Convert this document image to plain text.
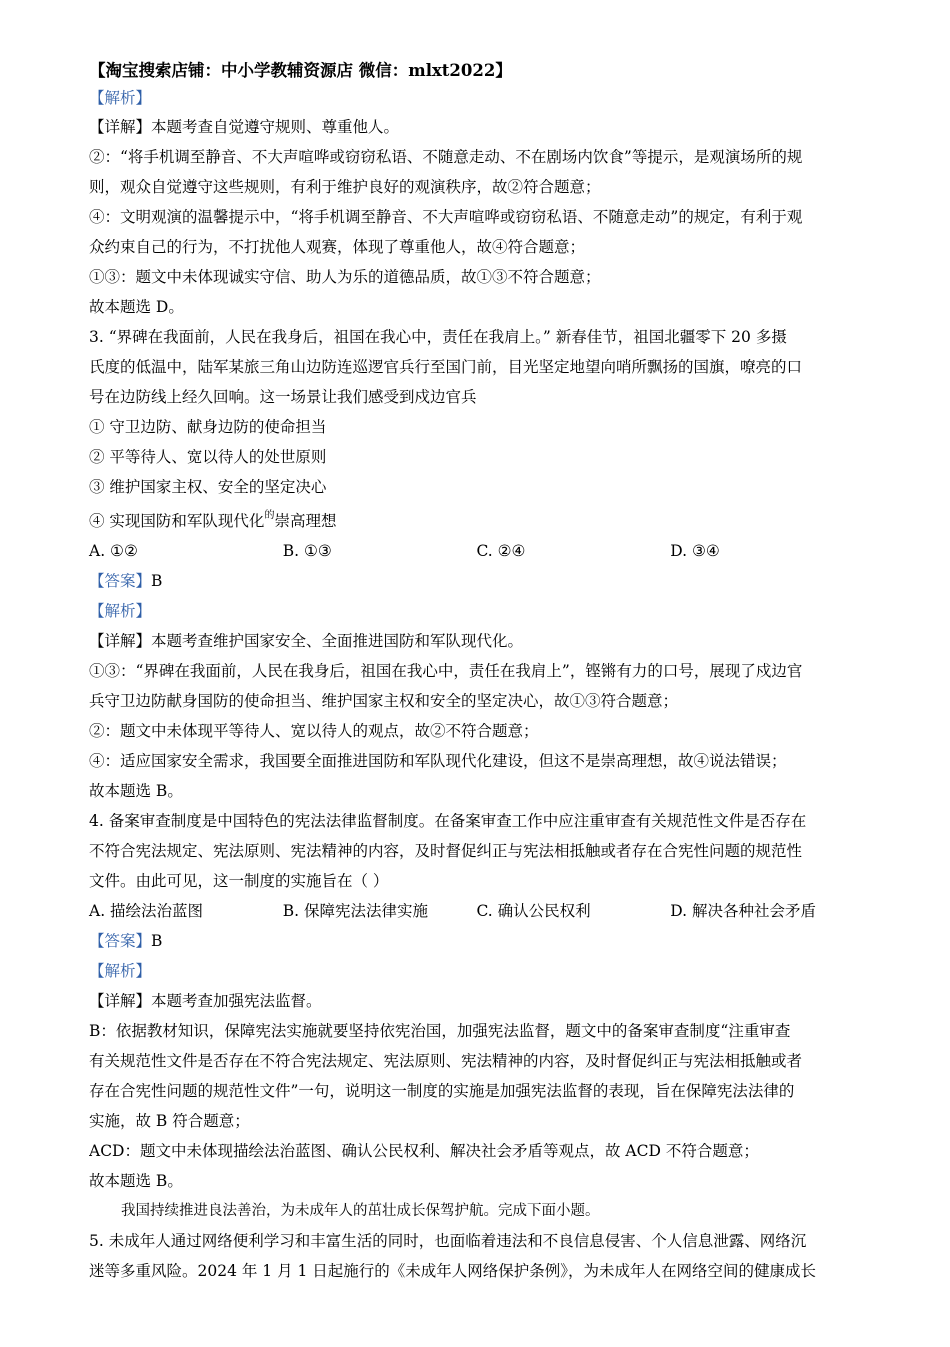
【淘宝搜索店铺：中小学教辅资源店 微信：mlxt2022】
【解析】
【详解】本题考查自觉遵守规则、尊重他人。
②：“将手机调至静音、不大声喧哗或窃窃私语、不随意走动、不在剧场内饮食”等提示，是观演场所的规
则，观众自觉遵守这些规则，有利于维护良好的观演秩序，故②符合题意；
④：文明观演的温馨提示中，“将手机调至静音、不大声喧哗或窃窃私语、不随意走动”的规定，有利于观
众约束自己的行为，不打扰他人观赛，体现了尊重他人，故④符合题意；
①③：题文中未体现诚实守信、助人为乐的道德品质，故①③不符合题意；
故本题选 D。
3. “界碑在我面前，人民在我身后，祖国在我心中，责任在我肩上。” 新春佳节，祖国北疆零下 20 多摄
氏度的低温中，陆军某旅三角山边防连巡逻官兵行至国门前，目光坚定地望向哨所飘扬的国旗，嘹亮的口
号在边防线上经久回响。这一场景让我们感受到戍边官兵
① 守卫边防、献身边防的使命担当
② 平等待人、宽以待人的处世原则
③ 维护国家主权、安全的坚定决心
④ 实现国防和军队现代化$^的$崇高理想
A. ①②	B. ①③	C. ②④	D. ③④
【答案】B
【解析】
【详解】本题考查维护国家安全、全面推进国防和军队现代化。
①③：“界碑在我面前，人民在我身后，祖国在我心中，责任在我肩上”，铿锵有力的口号，展现了戍边官
兵守卫边防献身国防的使命担当、维护国家主权和安全的坚定决心，故①③符合题意；
②：题文中未体现平等待人、宽以待人的观点，故②不符合题意；
④：适应国家安全需求，我国要全面推进国防和军队现代化建设，但这不是崇高理想，故④说法错误；
故本题选 B。
4. 备案审查制度是中国特色的宪法法律监督制度。在备案审查工作中应注重审查有关规范性文件是否存在
不符合宪法规定、宪法原则、宪法精神的内容，及时督促纠正与宪法相抵触或者存在合宪性问题的规范性
文件。由此可见，这一制度的实施旨在（ ）
A. 描绘法治蓝图	B. 保障宪法法律实施	C. 确认公民权利	D. 解决各种社会矛盾
【答案】B
【解析】
【详解】本题考查加强宪法监督。
B：依据教材知识，保障宪法实施就要坚持依宪治国，加强宪法监督，题文中的备案审查制度“注重审查
有关规范性文件是否存在不符合宪法规定、宪法原则、宪法精神的内容，及时督促纠正与宪法相抵触或者
存在合宪性问题的规范性文件”一句，说明这一制度的实施是加强宪法监督的表现，旨在保障宪法法律的
实施，故 B 符合题意；
ACD：题文中未体现描绘法治蓝图、确认公民权利、解决社会矛盾等观点，故 ACD 不符合题意；
故本题选 B。
我国持续推进良法善治，为未成年人的茁壮成长保驾护航。完成下面小题。
5. 未成年人通过网络便利学习和丰富生活的同时，也面临着违法和不良信息侵害、个人信息泄露、网络沉
迷等多重风险。2024 年 1 月 1 日起施行的《未成年人网络保护条例》，为未成年人在网络空间的健康成长
